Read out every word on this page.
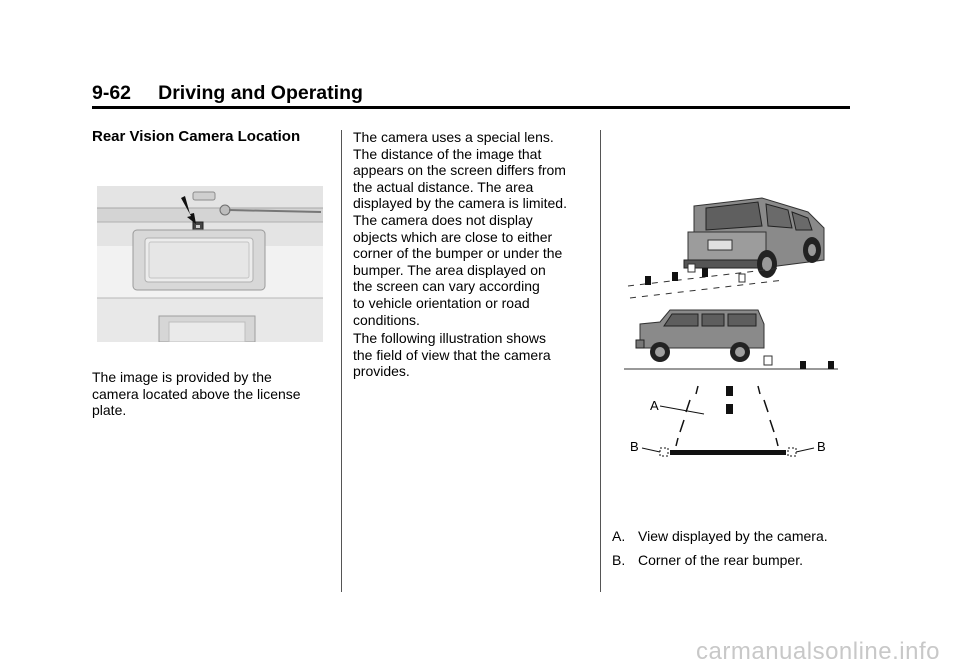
9-62     Driving and Operating
Rear Vision Camera Location
The image is provided by the
camera located above the license
plate.
The camera uses a special lens.
The distance of the image that
appears on the screen differs from
the actual distance. The area
displayed by the camera is limited.
The camera does not display
objects which are close to either
corner of the bumper or under the
bumper. The area displayed on
the screen can vary according
to vehicle orientation or road
conditions.
The following illustration shows
the field of view that the camera
provides.
A
B	B
A. View displayed by the camera.
B. Corner of the rear bumper.
carmanualsonline.info
